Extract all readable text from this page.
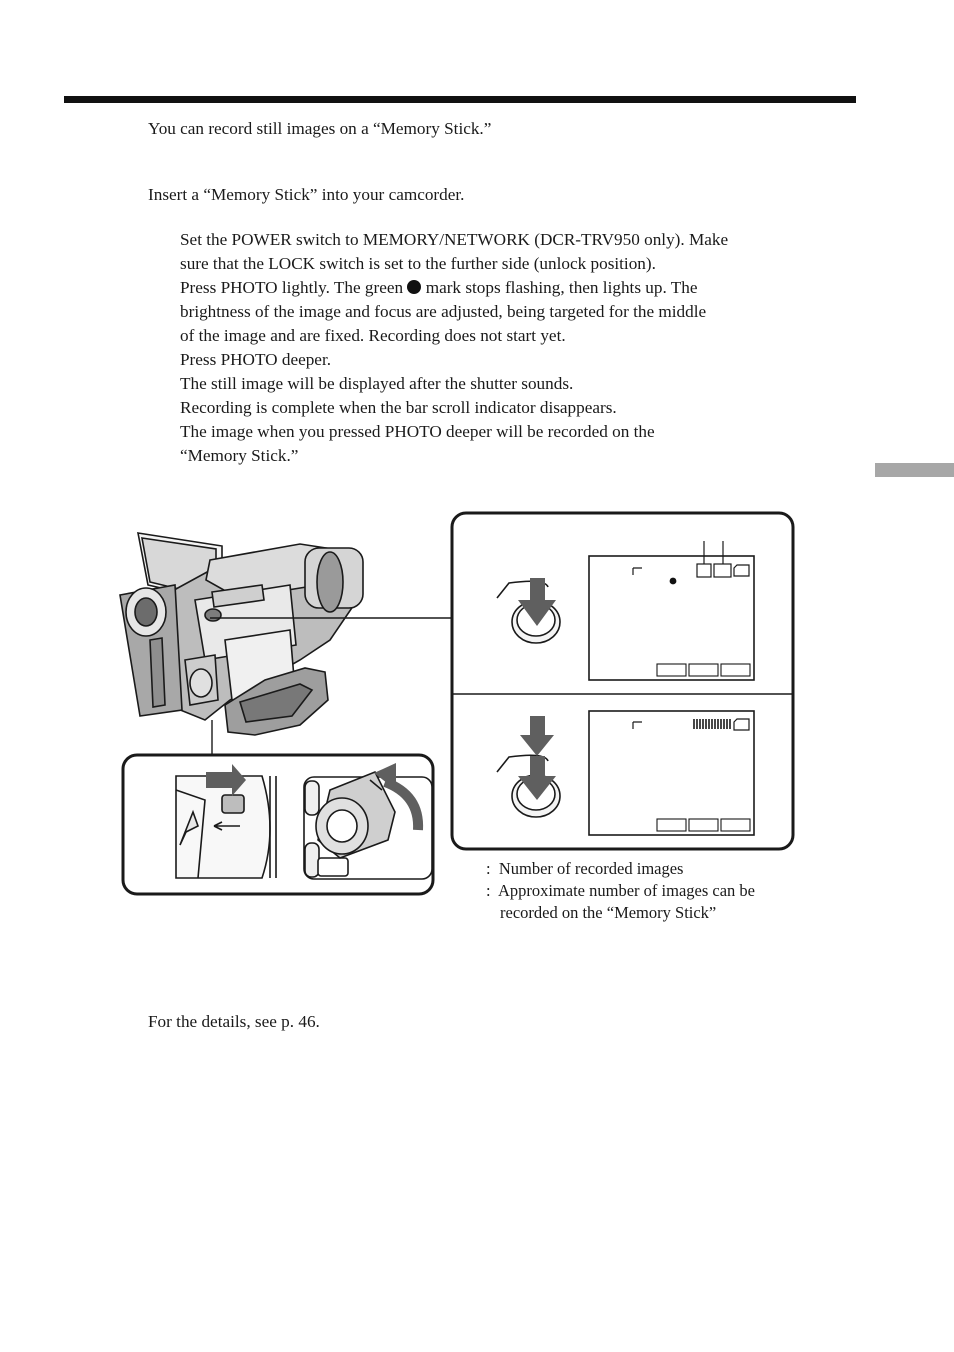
You can record still images on a “Memory Stick.”
Insert a “Memory Stick” into your camcorder.
Set the POWER switch to MEMORY/NETWORK (DCR-TRV950 only). Make
sure that the LOCK switch is set to the further side (unlock position).
Press PHOTO lightly. The green mark stops flashing, then lights up. The
brightness of the image and focus are adjusted, being targeted for the middle
of the image and are fixed. Recording does not start yet.
Press PHOTO deeper.
The still image will be displayed after the shutter sounds.
Recording is complete when the bar scroll indicator disappears.
The image when you pressed PHOTO deeper will be recorded on the
“Memory Stick.”
:  Number of recorded images
:  Approximate number of images can be
recorded on the “Memory Stick”
For the details, see p. 46.
